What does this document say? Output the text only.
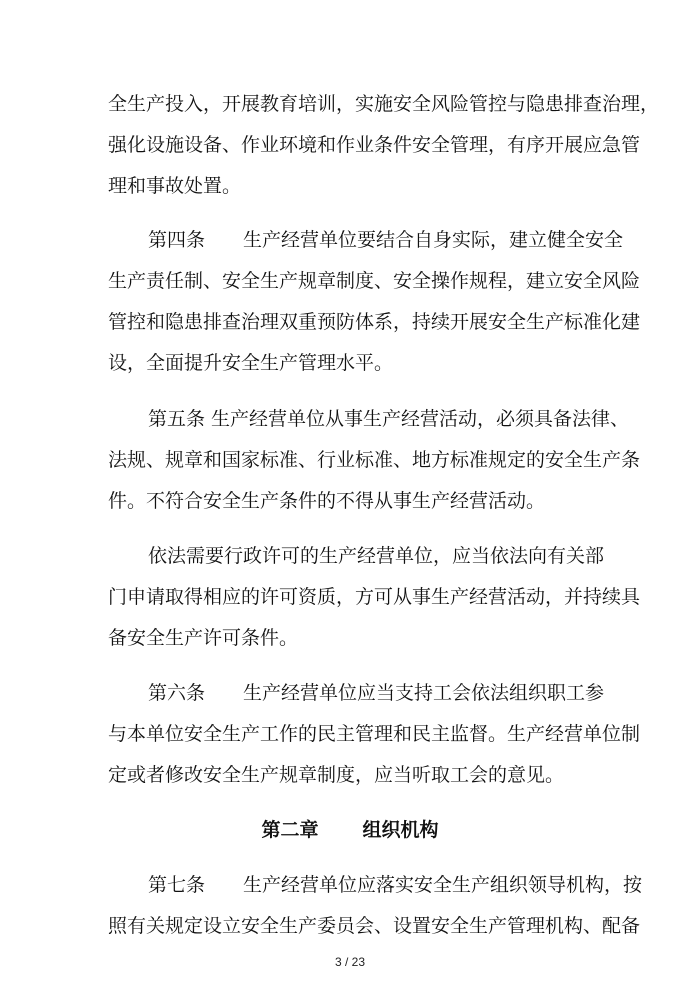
全生产投入，开展教育培训，实施安全风险管控与隐患排查治理，
强化设施设备、作业环境和作业条件安全管理，有序开展应急管
理和事故处置。
第四条　　生产经营单位要结合自身实际，建立健全安全
生产责任制、安全生产规章制度、安全操作规程，建立安全风险
管控和隐患排查治理双重预防体系，持续开展安全生产标准化建
设，全面提升安全生产管理水平。
第五条 生产经营单位从事生产经营活动，必须具备法律、
法规、规章和国家标准、行业标准、地方标准规定的安全生产条
件。不符合安全生产条件的不得从事生产经营活动。
依法需要行政许可的生产经营单位，应当依法向有关部
门申请取得相应的许可资质，方可从事生产经营活动，并持续具
备安全生产许可条件。
第六条　　生产经营单位应当支持工会依法组织职工参
与本单位安全生产工作的民主管理和民主监督。生产经营单位制
定或者修改安全生产规章制度，应当听取工会的意见。
第二章 组织机构
第七条　　生产经营单位应落实安全生产组织领导机构，按
照有关规定设立安全生产委员会、设置安全生产管理机构、配备
3 / 23
